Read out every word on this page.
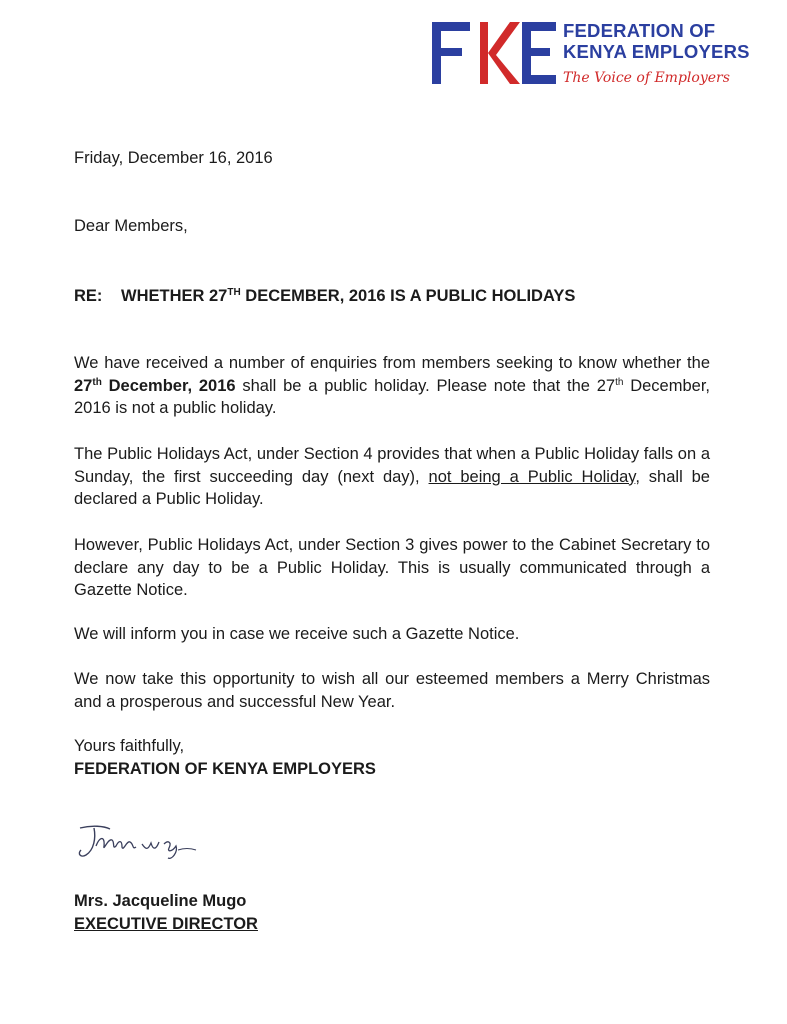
FEDERATION OF
KENYA EMPLOYERS
The Voice of Employers

Friday, December 16, 2016

Dear Members,

RE: WHETHER 27TH DECEMBER, 2016 IS A PUBLIC HOLIDAYS

We have received a number of enquiries from members seeking to know whether the 27th December, 2016 shall be a public holiday. Please note that the 27th December, 2016 is not a public holiday.

The Public Holidays Act, under Section 4 provides that when a Public Holiday falls on a Sunday, the first succeeding day (next day), not being a Public Holiday, shall be declared a Public Holiday.

However, Public Holidays Act, under Section 3 gives power to the Cabinet Secretary to declare any day to be a Public Holiday. This is usually communicated through a Gazette Notice.

We will inform you in case we receive such a Gazette Notice.

We now take this opportunity to wish all our esteemed members a Merry Christmas and a prosperous and successful New Year.

Yours faithfully,

FEDERATION OF KENYA EMPLOYERS

Mrs. Jacqueline Mugo

EXECUTIVE DIRECTOR
